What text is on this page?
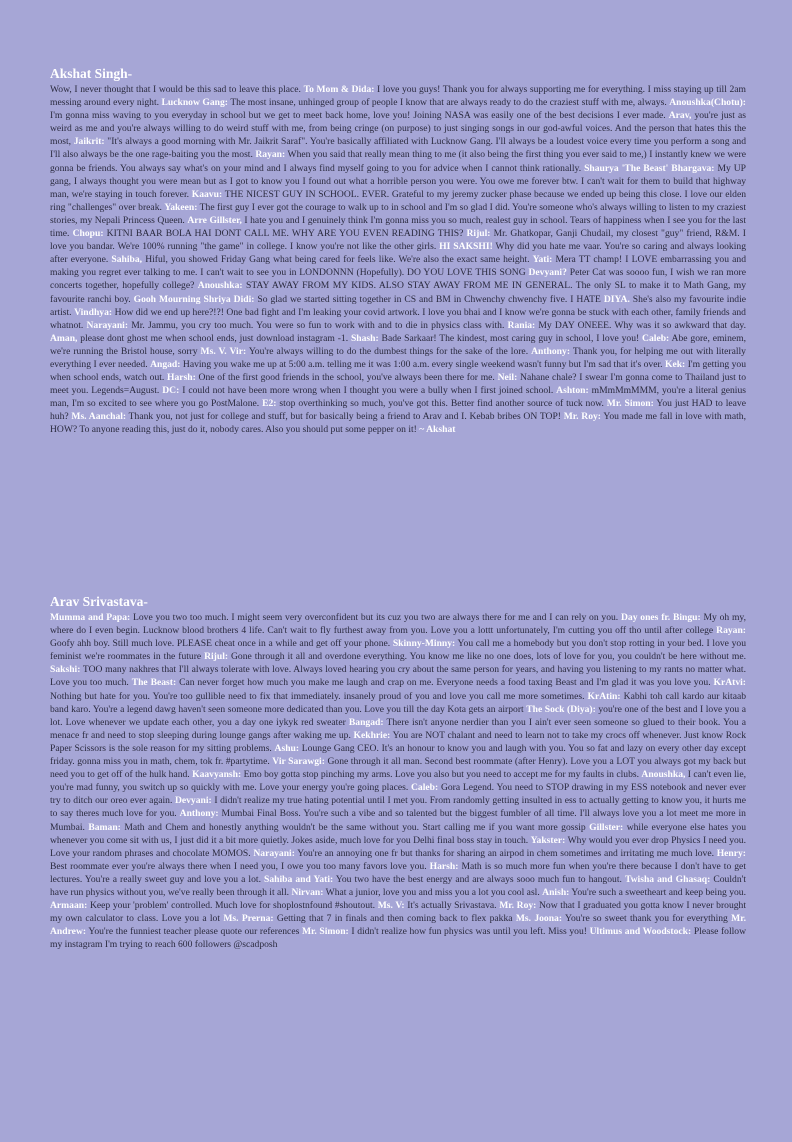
Akshat Singh-

Wow, I never thought that I would be this sad to leave this place. To Mom & Dida: I love you guys! Thank you for always supporting me for everything. I miss staying up till 2am messing around every night. Lucknow Gang: The most insane, unhinged group of people I know that are always ready to do the craziest stuff with me, always. Anoushka(Chotu): I'm gonna miss waving to you everyday in school but we get to meet back home, love you! Joining NASA was easily one of the best decisions I ever made. Arav, you're just as weird as me and you're always willing to do weird stuff with me, from being cringe (on purpose) to just singing songs in our god-awful voices. And the person that hates this the most, Jaikrit: "It's always a good morning with Mr. Jaikrit Saraf". You're basically affiliated with Lucknow Gang. I'll always be a loudest voice every time you perform a song and I'll also always be the one rage-baiting you the most. Rayan: When you said that really mean thing to me (it also being the first thing you ever said to me,) I instantly knew we were gonna be friends. You always say what's on your mind and I always find myself going to you for advice when I cannot think rationally. Shaurya 'The Beast' Bhargava: My UP gang, I always thought you were mean but as I got to know you I found out what a horrible person you were. You owe me forever btw. I can't wait for them to build that highway man, we're staying in touch forever. Kaavu: THE NICEST GUY IN SCHOOL. EVER. Grateful to my jeremy zucker phase because we ended up being this close. I love our elden ring "challenges" over break. Yakeen: The first guy I ever got the courage to walk up to in school and I'm so glad I did. You're someone who's always willing to listen to my craziest stories, my Nepali Princess Queen. Arre Gillster, I hate you and I genuinely think I'm gonna miss you so much, realest guy in school. Tears of happiness when I see you for the last time. Chopu: KITNI BAAR BOLA HAI DONT CALL ME. WHY ARE YOU EVEN READING THIS? Rijul: Mr. Ghatkopar, Ganji Chudail, my closest "guy" friend, R&M. I love you bandar. We're 100% running "the game" in college. I know you're not like the other girls. HI SAKSHI! Why did you hate me vaar. You're so caring and always looking after everyone. Sahiba, Hiful, you showed Friday Gang what being cared for feels like. We're also the exact same height. Yati: Mera TT champ! I LOVE embarrassing you and making you regret ever talking to me. I can't wait to see you in LONDONNN (Hopefully). DO YOU LOVE THIS SONG Devyani? Peter Cat was soooo fun, I wish we ran more concerts together, hopefully college? Anoushka: STAY AWAY FROM MY KIDS. ALSO STAY AWAY FROM ME IN GENERAL. The only SL to make it to Math Gang, my favourite ranchi boy. Gooh Mourning Shriya Didi: So glad we started sitting together in CS and BM in Chwenchy chwenchy five. I HATE DIYA. She's also my favourite indie artist. Vindhya: How did we end up here?!?! One bad fight and I'm leaking your covid artwork. I love you bhai and I know we're gonna be stuck with each other, family friends and whatnot. Narayani: Mr. Jammu, you cry too much. You were so fun to work with and to die in physics class with. Rania: My DAY ONEEE. Why was it so awkward that day. Aman, please dont ghost me when school ends, just download instagram -1. Shash: Bade Sarkaar! The kindest, most caring guy in school, I love you! Caleb: Abe gore, eminem, we're running the Bristol house, sorry Ms. V. Vir: You're always willing to do the dumbest things for the sake of the lore. Anthony: Thank you, for helping me out with literally everything I ever needed. Angad: Having you wake me up at 5:00 a.m. telling me it was 1:00 a.m. every single weekend wasn't funny but I'm sad that it's over. Kek: I'm getting you when school ends, watch out. Harsh: One of the first good friends in the school, you've always been there for me. Neil: Nahane chale? I swear I'm gonna come to Thailand just to meet you. Legends=August. DC: I could not have been more wrong when I thought you were a bully when I first joined school. Ashton: mMmMmMMM, you're a literal genius man, I'm so excited to see where you go PostMalone. E2: stop overthinking so much, you've got this. Better find another source of tuck now. Mr. Simon: You just HAD to leave huh? Ms. Aanchal: Thank you, not just for college and stuff, but for basically being a friend to Arav and I. Kebab bribes ON TOP! Mr. Roy: You made me fall in love with math, HOW? To anyone reading this, just do it, nobody cares. Also you should put some pepper on it! ~ Akshat

Arav Srivastava-

Mumma and Papa: Love you two too much. I might seem very overconfident but its cuz you two are always there for me and I can rely on you. Day ones fr. Bingu: My oh my, where do I even begin. Lucknow blood brothers 4 life. Can't wait to fly furthest away from you. Love you a lottt unfortunately, I'm cutting you off tho until after college Rayan: Goofy ahh boy. Still much love. PLEASE cheat once in a while and get off your phone. Skinny-Minny: You call me a homebody but you don't stop rotting in your bed. I love you feminist we're roommates in the future Rijul: Gone through it all and overdone everything. You know me like no one does, lots of love for you, you couldn't be here without me. Sakshi: TOO many nakhres that I'll always tolerate with love. Always loved hearing you cry about the same person for years, and having you listening to my rants no matter what. Love you too much. The Beast: Can never forget how much you make me laugh and crap on me. Everyone needs a food taxing Beast and I'm glad it was you love you. KrAtvi: Nothing but hate for you. You're too gullible need to fix that immediately. insanely proud of you and love you call me more sometimes. KrAtin: Kabhi toh call kardo aur kitaab band karo. You're a legend dawg haven't seen someone more dedicated than you. Love you till the day Kota gets an airport The Sock (Diya): you're one of the best and I love you a lot. Love whenever we update each other, you a day one iykyk red sweater Bangad: There isn't anyone nerdier than you I ain't ever seen someone so glued to their book. You a menace fr and need to stop sleeping during lounge gangs after waking me up. Kekhrie: You are NOT chalant and need to learn not to take my crocs off whenever. Just know Rock Paper Scissors is the sole reason for my sitting problems. Ashu: Lounge Gang CEO. It's an honour to know you and laugh with you. You so fat and lazy on every other day except friday. gonna miss you in math, chem, tok fr. #partytime. Vir Sarawgi: Gone through it all man. Second best roommate (after Henry). Love you a LOT you always got my back but need you to get off of the hulk hand. Kaavyansh: Emo boy gotta stop pinching my arms. Love you also but you need to accept me for my faults in clubs. Anoushka, I can't even lie, you're mad funny, you switch up so quickly with me. Love your energy you're going places. Caleb: Gora Legend. You need to STOP drawing in my ESS notebook and never ever try to ditch our oreo ever again. Devyani: I didn't realize my true hating potential until I met you. From randomly getting insulted in ess to actually getting to know you, it hurts me to say theres much love for you. Anthony: Mumbai Final Boss. You're such a vibe and so talented but the biggest fumbler of all time. I'll always love you a lot meet me more in Mumbai. Baman: Math and Chem and honestly anything wouldn't be the same without you. Start calling me if you want more gossip Gillster: while everyone else hates you whenever you come sit with us, I just did it a bit more quietly. Jokes aside, much love for you Delhi final boss stay in touch. Yakster: Why would you ever drop Physics I need you. Love your random phrases and chocolate MOMOS. Narayani: You're an annoying one fr but thanks for sharing an airpod in chem sometimes and irritating me much love. Henry: Best roommate ever you're always there when I need you, I owe you too many favors love you. Harsh: Math is so much more fun when you're there because I don't have to get lectures. You're a really sweet guy and love you a lot. Sahiba and Yati: You two have the best energy and are always sooo much fun to hangout. Twisha and Ghasaq: Couldn't have run physics without you, we've really been through it all. Nirvan: What a junior, love you and miss you a lot you cool asl. Anish: You're such a sweetheart and keep being you. Armaan: Keep your 'problem' controlled. Much love for shoplostnfound #shoutout. Ms. V: It's actually Srivastava. Mr. Roy: Now that I graduated you gotta know I never brought my own calculator to class. Love you a lot Ms. Prerna: Getting that 7 in finals and then coming back to flex pakka Ms. Joona: You're so sweet thank you for everything Mr. Andrew: You're the funniest teacher please quote our references Mr. Simon: I didn't realize how fun physics was until you left. Miss you! Ultimus and Woodstock: Please follow my instagram I'm trying to reach 600 followers @scadposh
